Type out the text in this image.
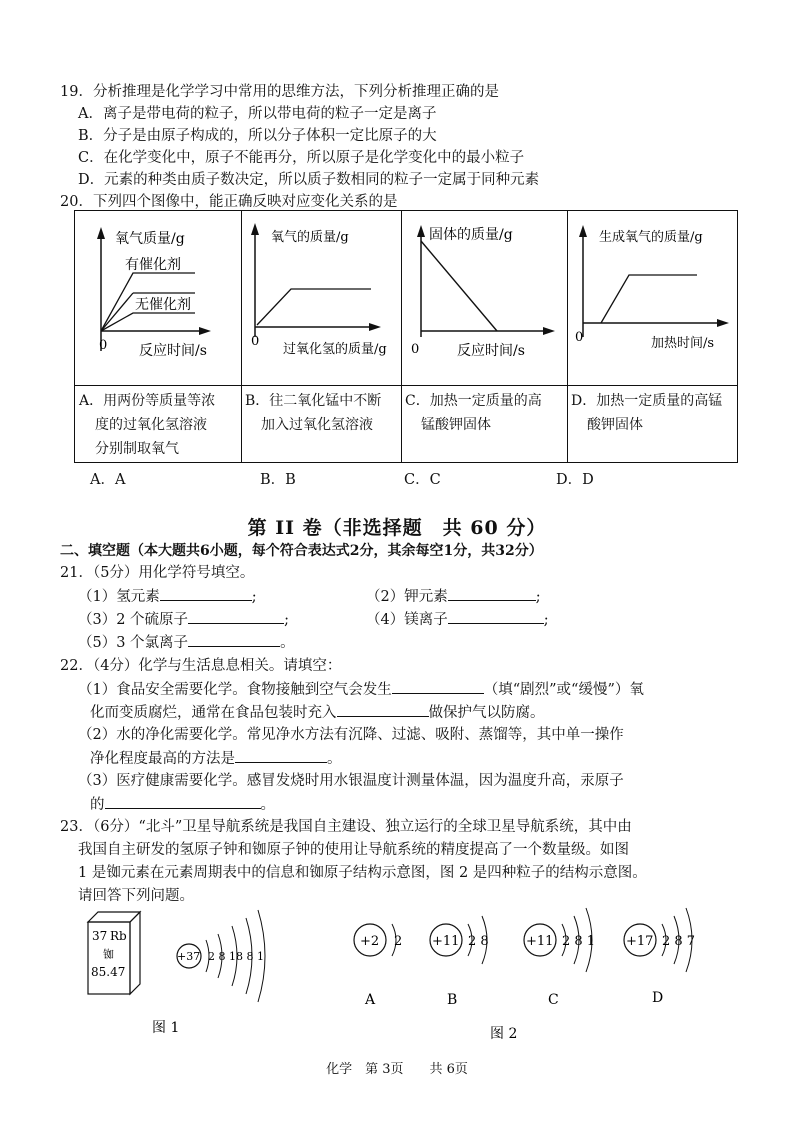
19．分析推理是化学学习中常用的思维方法，下列分析推理正确的是
A．离子是带电荷的粒子，所以带电荷的粒子一定是离子
B．分子是由原子构成的，所以分子体积一定比原子的大
C．在化学变化中，原子不能再分，所以原子是化学变化中的最小粒子
D．元素的种类由质子数决定，所以质子数相同的粒子一定属于同种元素
20．下列四个图像中，能正确反映对应变化关系的是
氧气质量/g
有催化剂
无催化剂
0 反应时间/s
氧气的质量/g
0
过氧化氢的质量/g
固体的质量/g
0	反应时间/s
生成氧气的质量/g
0	加热时间/s
A．用两份等质量等浓
度的过氧化氢溶液
分别制取氧气
B．往二氧化锰中不断
加入过氧化氢溶液
C．加热一定质量的高
锰酸钾固体
D．加热一定质量的高锰
酸钾固体
A．A	B．B	C．C	D．D
第 II 卷（非选择题　共 60 分）
二、填空题（本大题共6小题，每个符合表达式2分，其余每空1分，共32分）
21．（5分）用化学符号填空。
（1）氢元素	;	（2）钾元素	;
（3）2 个硫原子	;	（4）镁离子	;
（5）3 个氯离子	。
22．（4分）化学与生活息息相关。请填空：
（1）食品安全需要化学。食物接触到空气会发生	（填“剧烈”或“缓慢”）氧
化而变质腐烂，通常在食品包装时充入	做保护气以防腐。
（2）水的净化需要化学。常见净水方法有沉降、过滤、吸附、蒸馏等，其中单一操作
净化程度最高的方法是	。
（3）医疗健康需要化学。感冒发烧时用水银温度计测量体温，因为温度升高，汞原子
的	。
23．（6分）“北斗”卫星导航系统是我国自主建设、独立运行的全球卫星导航系统，其中由
我国自主研发的氢原子钟和铷原子钟的使用让导航系统的精度提高了一个数量级。如图
1 是铷元素在元素周期表中的信息和铷原子结构示意图，图 2 是四种粒子的结构示意图。
请回答下列问题。
37 Rb
铷
85.47
+37 2 8 18 8 1
+2 2
A
+11 2 8
B
+11 2 8 1
C
+17 2 8 7
D
图 1	图 2
化学　第 3页　　共 6页
